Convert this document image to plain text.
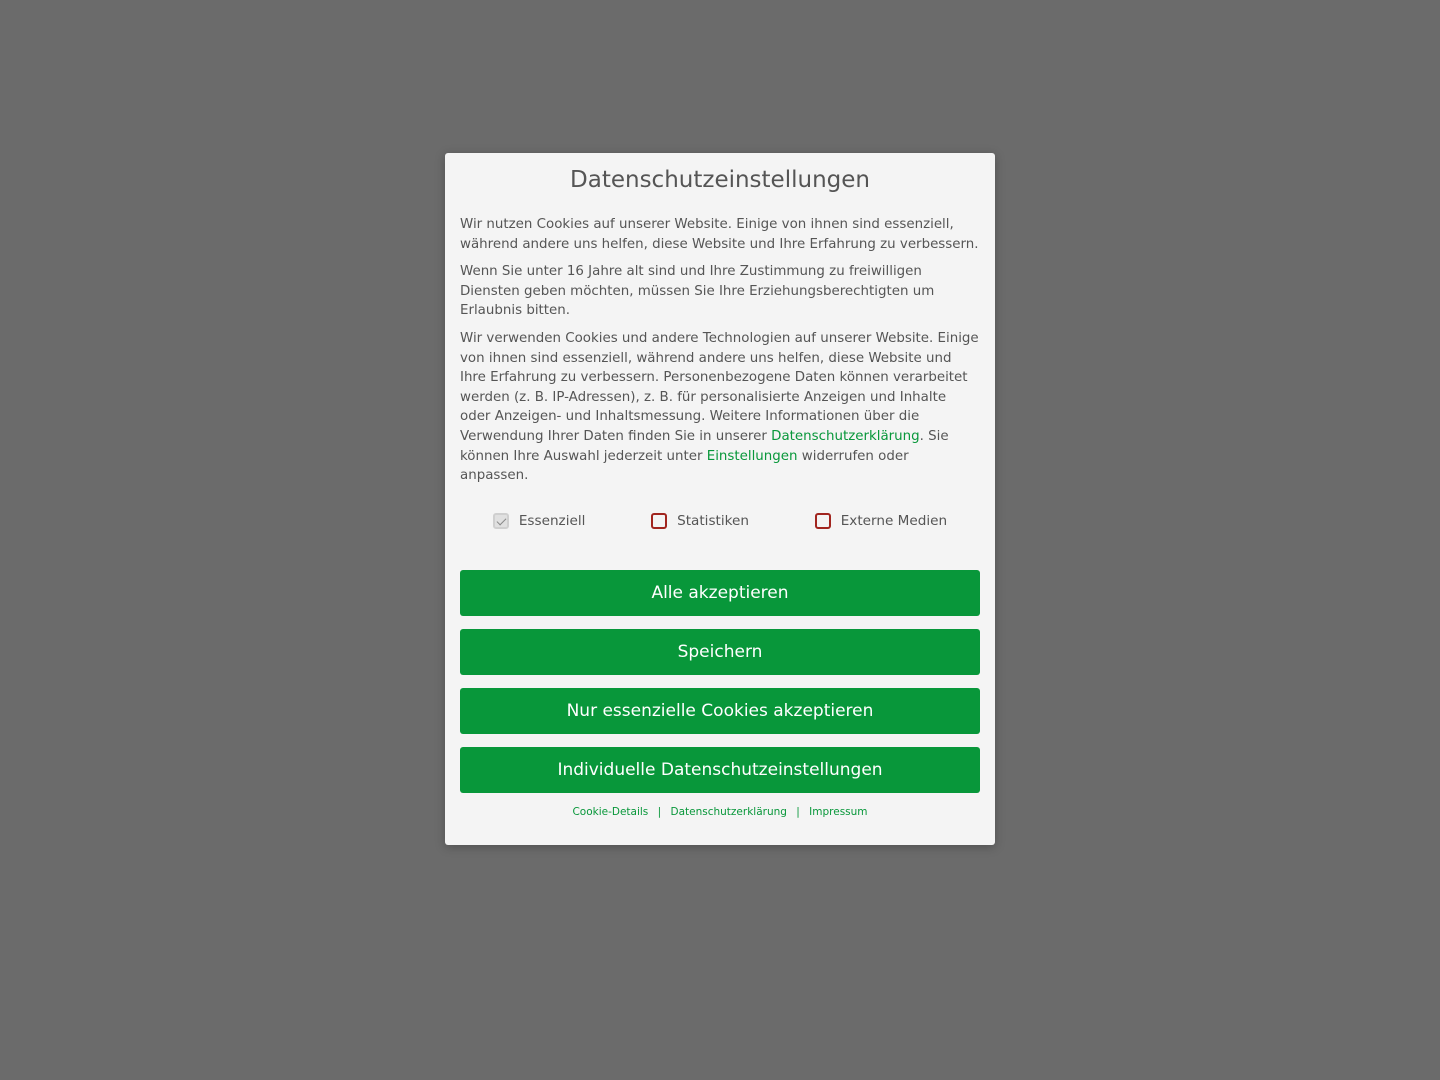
Datenschutzeinstellungen

Wir nutzen Cookies auf unserer Website. Einige von ihnen sind essenziell, während andere uns helfen, diese Website und Ihre Erfahrung zu verbessern.

Wenn Sie unter 16 Jahre alt sind und Ihre Zustimmung zu freiwilligen Diensten geben möchten, müssen Sie Ihre Erziehungsberechtigten um Erlaubnis bitten.

Wir verwenden Cookies und andere Technologien auf unserer Website. Einige von ihnen sind essenziell, während andere uns helfen, diese Website und Ihre Erfahrung zu verbessern. Personenbezogene Daten können verarbeitet werden (z. B. IP-Adressen), z. B. für personalisierte Anzeigen und Inhalte oder Anzeigen- und Inhaltsmessung. Weitere Informationen über die Verwendung Ihrer Daten finden Sie in unserer Datenschutzerklärung. Sie können Ihre Auswahl jederzeit unter Einstellungen widerrufen oder anpassen.

Essenziell	Statistiken	Externe Medien
Alle akzeptieren
Speichern
Nur essenzielle Cookies akzeptieren
Individuelle Datenschutzeinstellungen
Cookie-Details | Datenschutzerklärung | Impressum
